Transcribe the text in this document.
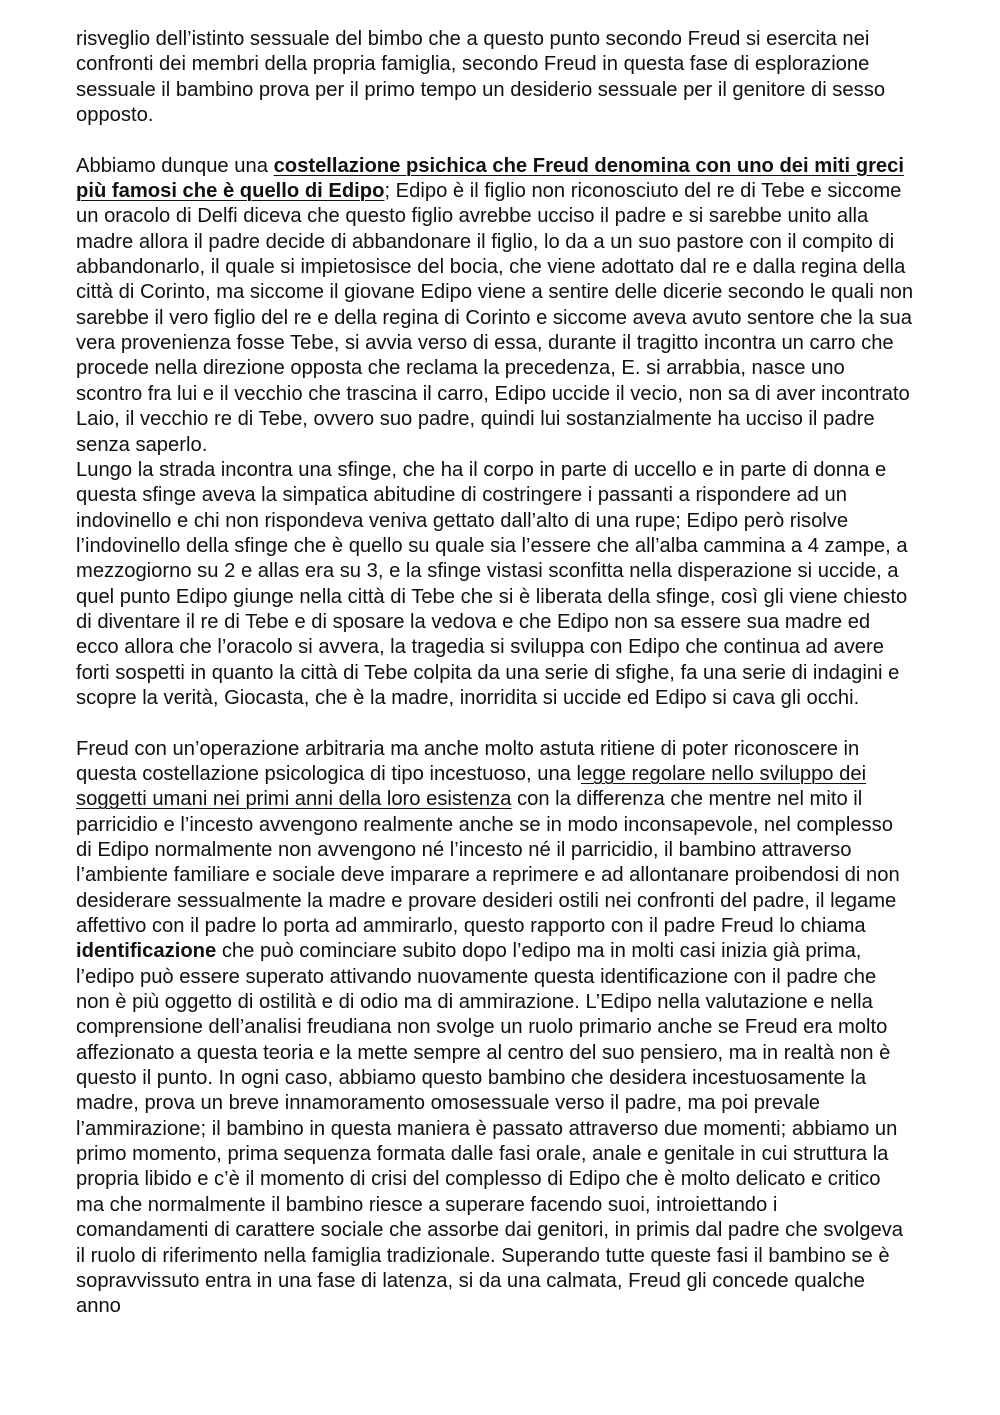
risveglio dell’istinto sessuale del bimbo che a questo punto secondo Freud si esercita nei confronti dei membri della propria famiglia, secondo Freud in questa fase di esplorazione sessuale il bambino prova per il primo tempo un desiderio sessuale per il genitore di sesso opposto.

Abbiamo dunque una costellazione psichica che Freud denomina con uno dei miti greci più famosi che è quello di Edipo; Edipo è il figlio non riconosciuto del re di Tebe e siccome un oracolo di Delfi diceva che questo figlio avrebbe ucciso il padre e si sarebbe unito alla madre allora il padre decide di abbandonare il figlio, lo da a un suo pastore con il compito di abbandonarlo, il quale si impietosisce del bocia, che viene adottato dal re e dalla regina della città di Corinto, ma siccome il giovane Edipo viene a sentire delle dicerie secondo le quali non sarebbe il vero figlio del re e della regina di Corinto e siccome aveva avuto sentore che la sua vera provenienza fosse Tebe, si avvia verso di essa, durante il tragitto incontra un carro che procede nella direzione opposta che reclama la precedenza, E. si arrabbia, nasce uno scontro fra lui e il vecchio che trascina il carro, Edipo uccide il vecio, non sa di aver incontrato Laio, il vecchio re di Tebe, ovvero suo padre, quindi lui sostanzialmente ha ucciso il padre senza saperlo.

Lungo la strada incontra una sfinge, che ha il corpo in parte di uccello e in parte di donna e questa sfinge aveva la simpatica abitudine di costringere i passanti a rispondere ad un indovinello e chi non rispondeva veniva gettato dall’alto di una rupe; Edipo però risolve l’indovinello della sfinge che è quello su quale sia l’essere che all’alba cammina a 4 zampe, a mezzogiorno su 2 e allas era su 3, e la sfinge vistasi sconfitta nella disperazione si uccide, a quel punto Edipo giunge nella città di Tebe che si è liberata della sfinge, così gli viene chiesto di diventare il re di Tebe e di sposare la vedova e che Edipo non sa essere sua madre ed ecco allora che l’oracolo si avvera, la tragedia si sviluppa con Edipo che continua ad avere forti sospetti in quanto la città di Tebe colpita da una serie di sfighe, fa una serie di indagini e scopre la verità, Giocasta, che è la madre, inorridita si uccide ed Edipo si cava gli occhi.

Freud con un’operazione arbitraria ma anche molto astuta ritiene di poter riconoscere in questa costellazione psicologica di tipo incestuoso, una legge regolare nello sviluppo dei soggetti umani nei primi anni della loro esistenza con la differenza che mentre nel mito il parricidio e l’incesto avvengono realmente anche se in modo inconsapevole, nel complesso di Edipo normalmente non avvengono né l’incesto né il parricidio, il bambino attraverso l’ambiente familiare e sociale deve imparare a reprimere e ad allontanare proibendosi di non desiderare sessualmente la madre e provare desideri ostili nei confronti del padre, il legame affettivo con il padre lo porta ad ammirarlo, questo rapporto con il padre Freud lo chiama identificazione che può cominciare subito dopo l’edipo ma in molti casi inizia già prima, l’edipo può essere superato attivando nuovamente questa identificazione con il padre che non è più oggetto di ostilità e di odio ma di ammirazione. L’Edipo nella valutazione e nella comprensione dell’analisi freudiana non svolge un ruolo primario anche se Freud era molto affezionato a questa teoria e la mette sempre al centro del suo pensiero, ma in realtà non è questo il punto. In ogni caso, abbiamo questo bambino che desidera incestuosamente la madre, prova un breve innamoramento omosessuale verso il padre, ma poi prevale l’ammirazione; il bambino in questa maniera è passato attraverso due momenti; abbiamo un primo momento, prima sequenza formata dalle fasi orale, anale e genitale in cui struttura la propria libido e c’è il momento di crisi del complesso di Edipo che è molto delicato e critico ma che normalmente il bambino riesce a superare facendo suoi, introiettando i comandamenti di carattere sociale che assorbe dai genitori, in primis dal padre che svolgeva il ruolo di riferimento nella famiglia tradizionale. Superando tutte queste fasi il bambino se è sopravvissuto entra in una fase di latenza, si da una calmata, Freud gli concede qualche anno
